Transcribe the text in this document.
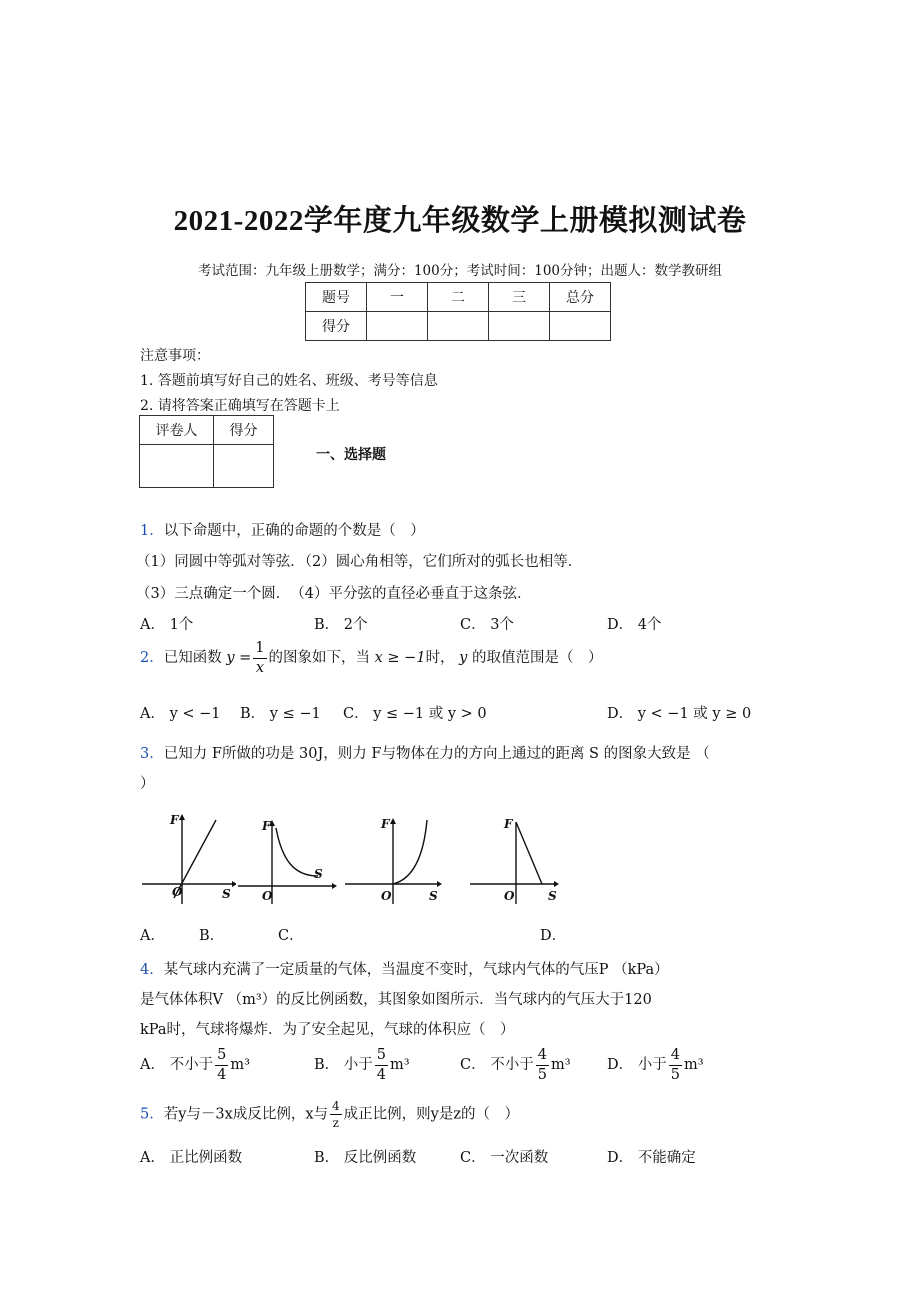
2021-2022学年度九年级数学上册模拟测试卷
考试范围：九年级上册数学；满分：100分；考试时间：100分钟；出题人：数学教研组
题号	一	二	三	总分
得分				
注意事项：
1. 答题前填写好自己的姓名、班级、考号等信息
2. 请将答案正确填写在答题卡上
评卷人	得分

一、选择题
1．以下命题中，正确的命题的个数是（　）
（1）同圆中等弧对等弦．（2）圆心角相等，它们所对的弧长也相等．
（3）三点确定一个圆．　（4）平分弦的直径必垂直于这条弦．
A． 1个	B． 2个	C． 3个	D． 4个
2．已知函数 $y = \frac{1}{x}$ 的图象如下，当 x ≥ −1时， y 的取值范围是（　）
A． y < −1 B． y ≤ −1 C． y ≤ −1 或 y > 0	D． y < −1 或 y ≥ 0
3．已知力 F所做的功是 30J，则力 F与物体在力的方向上通过的距离 S 的图象大致是 （
）
F
O	S
F
O
S
F
O	S
F
O	S
A． B．	C．	D．
4．某气球内充满了一定质量的气体，当温度不变时，气球内气体的气压P （kPa）
是气体体积V （m³）的反比例函数，其图象如图所示．当气球内的气压大于120
kPa时，气球将爆炸．为了安全起见，气球的体积应（　）
A． 不小于 $\frac{5}{4} m^3$	B． 小于 $\frac{5}{4} m^3$	C． 不小于 $\frac{4}{5} m^3$	D． 小于 $\frac{4}{5} m^3$
5．若y与－3x成反比例，x与 $\frac{4}{z}$ 成正比例，则y是z的（　）
A． 正比例函数	B． 反比例函数	C． 一次函数	D． 不能确定
